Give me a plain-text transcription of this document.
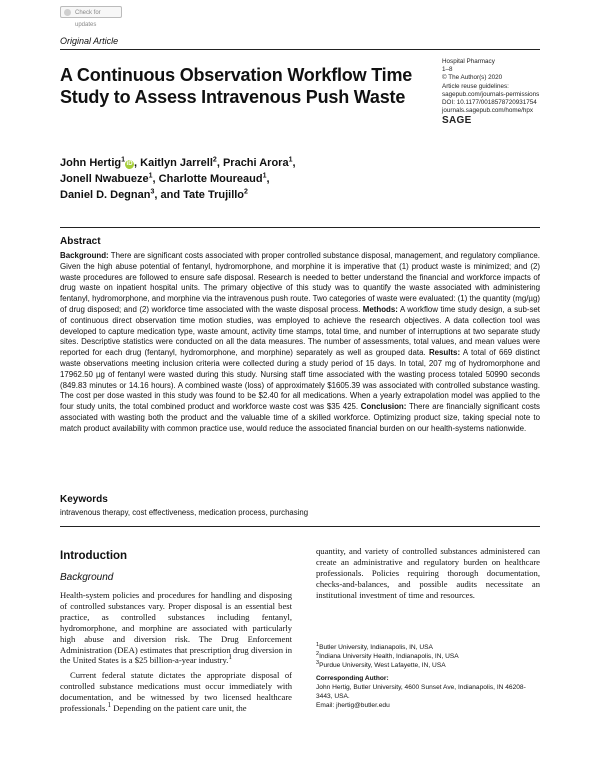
Check for updates
Original Article
A Continuous Observation Workflow Time Study to Assess Intravenous Push Waste
Hospital Pharmacy
1–8
© The Author(s) 2020
Article reuse guidelines:
sagepub.com/journals-permissions
DOI: 10.1177/0018578720931754
journals.sagepub.com/home/hpx
SAGE
John Hertig$^1$iD , Kaitlyn Jarrell$^2$, Prachi Arora$^1$,
Jonell Nwabueze$^1$, Charlotte Moureaud$^1$,
Daniel D. Degnan$^3$, and Tate Trujillo$^2$
Abstract
Background: There are significant costs associated with proper controlled substance disposal, management, and regulatory compliance. Given the high abuse potential of fentanyl, hydromorphone, and morphine it is imperative that (1) product waste is minimized; and (2) waste procedures are followed to ensure safe disposal. Research is needed to better understand the financial and workforce impacts of drug waste on inpatient hospital units. The primary objective of this study was to quantify the waste associated with administering fentanyl, hydromorphone, and morphine via the intravenous push route. Two categories of waste were evaluated: (1) the quantity (mg/µg) of drug disposed; and (2) workforce time associated with the waste disposal process. Methods: A workflow time study design, a sub-set of continuous direct observation time motion studies, was employed to achieve the research objectives. A data collection tool was developed to capture medication type, waste amount, activity time stamps, total time, and number of interruptions at two separate study sites. Descriptive statistics were conducted on all the data measures. The number of assessments, total values, and mean values were reported for each drug (fentanyl, hydromorphone, and morphine) separately as well as grouped data. Results: A total of 669 distinct waste observations meeting inclusion criteria were collected during a study period of 15 days. In total, 207 mg of hydromorphone and 17962.50 µg of fentanyl were wasted during this study. Nursing staff time associated with the wasting process totaled 50990 seconds (849.83 minutes or 14.16 hours). A combined waste (loss) of approximately $1605.39 was associated with controlled substance wasting. The cost per dose wasted in this study was found to be $2.40 for all medications. When a yearly extrapolation model was applied to the four study units, the total combined product and workforce waste cost was $35 425. Conclusion: There are financially significant costs associated with wasting both the product and the valuable time of a skilled workforce. Optimizing product size, taking special note to match product availability with common practice use, would reduce the associated financial burden on our health-systems nationwide.
Keywords
intravenous therapy, cost effectiveness, medication process, purchasing
Introduction
Background

Health-system policies and procedures for handling and disposing of controlled substances vary. Proper disposal is an essential best practice, as controlled substances including fentanyl, hydromorphone, and morphine are associated with particularly high abuse and diversion risk. The Drug Enforcement Administration (DEA) estimates that prescription drug diversion in the United States is a $25 billion-a-year industry.$^1$

Current federal statute dictates the appropriate disposal of controlled substance medications must occur immediately with documentation, and be witnessed by two licensed healthcare professionals.$^1$ Depending on the patient care unit, the

quantity, and variety of controlled substances administered can create an administrative and regulatory burden on healthcare professionals. Policies requiring thorough documentation, checks-and-balances, and possible audits necessitate an institutional investment of time and resources.
$^1$Butler University, Indianapolis, IN, USA
$^2$Indiana University Health, Indianapolis, IN, USA
$^3$Purdue University, West Lafayette, IN, USA
Corresponding Author:
John Hertig, Butler University, 4600 Sunset Ave, Indianapolis, IN 46208-3443, USA.
Email: jhertig@butler.edu
